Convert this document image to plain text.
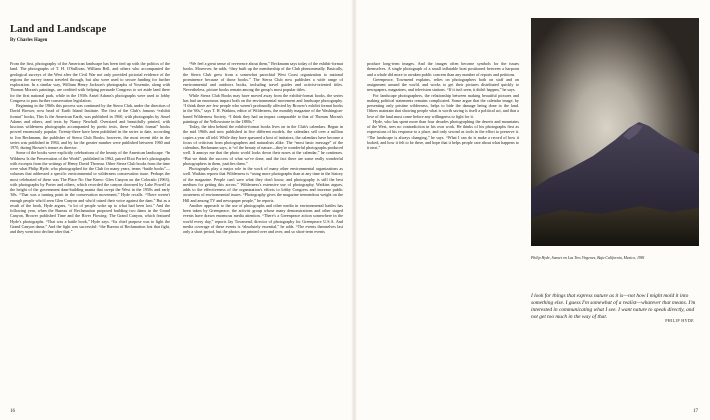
Land and Landscape

By Charles Hagen

From the first, photography of the American landscape has been tied up with the politics of the land. The photographs of T. H. O'Sullivan, William Bell, and others who accompanied the geological surveys of the West after the Civil War not only provided pictorial evidence of the regions the survey teams traveled through, but also were used to secure funding for further exploration. In a similar way, William Henry Jackson's photographs of Yosemite, along with Thomas Moran's paintings, are credited with helping persuade Congress to set aside land there for the first national park, while in the 1930s Ansel Adams's photographs were used to lobby Congress to pass further conservation legislation.

Beginning in the 1960s this process was continued by the Sierra Club, under the direction of David Brower, now head of Earth Island Institute. The first of the Club's famous “exhibit format” books, This Is the American Earth, was published in 1960, with photographs by Ansel Adams and others, and texts by Nancy Newhall. Oversized and beautifully printed, with luscious wilderness photographs accompanied by poetic texts, these “exhibit format” books proved enormously popular. Twenty-three have been published in the series to date, according to Jon Beckmann, the publisher of Sierra Club Books; however, the most recent title in the series was published in 1984, and by far the greater number were published between 1960 and 1970, during Brower's tenure as director.

Some of the books were explicitly celebrations of the beauty of the American landscape. “In Wildness Is the Preservation of the World”, published in 1962, paired Eliot Porter's photographs with excerpts from the writings of Henry David Thoreau. Other Sierra Club books from the time were what Philip Hyde, who photographed for the Club for many years, terms “battle books”—volumes that addressed a specific environmental or wilderness conservation issue. Perhaps the most celebrated of these was The Place No One Knew: Glen Canyon on the Colorado (1963), with photographs by Porter and others, which recorded the canyon drowned by Lake Powell at the height of the government dam-building mania that swept the West in the 1950s and early '60s. “That was a turning point in the conservation movement,” Hyde recalls. “There weren't enough people who'd seen Glen Canyon and who'd raised their voice against the dam.” But as a result of the book, Hyde argues, “a lot of people woke up to what had been lost.” And the following year, when the Bureau of Reclamation proposed building two dams in the Grand Canyon, Brower published Time and the River Flowing: The Grand Canyon, which featured Hyde's photographs. “That was a battle book,” Hyde says. “Its chief purpose was to fight the Grand Canyon dams.” And the fight was successful: “the Bureau of Reclamation lost that fight, and they went into decline after that.”

“We feel a great sense of reverence about them,” Beckmann says today of the exhibit-format books. Moreover, he adds, “they built up the membership of the Club phenomenally. Basically, the Sierra Club grew from a somewhat parochial West Coast organization to national prominence because of those books.” The Sierra Club now publishes a wide range of environmental and outdoors books, including travel guides and activist-oriented titles. Nevertheless, picture books remain among the group's most popular titles.

While Sierra Club Books may have moved away from the exhibit-format books, the series has had an enormous impact both on the environmental movement and landscape photography. “I think there are few people who weren't profoundly affected by Brower's exhibit format books in the '60s,” says T. H. Watkins, editor of Wilderness, the monthly magazine of the Washington-based Wilderness Society. “I think they had an impact comparable to that of Thomas Moran's paintings of the Yellowstone in the 1880s.”

Today, the idea behind the exhibit-format books lives on in the Club's calendars. Begun in the mid 1960s and now published in five different models, the calendars sell over a million copies a year all told. While they have spawned a host of imitators, the calendars have become a focus of criticism from photographers and naturalists alike. The “most basic message” of the calendars, Beckmann says, is “of the beauty of nature—they're wonderful photographs produced well. It annoys me that the photo world looks down their noses at the calendar,” he continues. “But we think the success of what we've done, and the fact there are some really wonderful photographers in them, justifies them.”

Photographs play a major role in the work of many other environmental organizations as well. Watkins reports that Wilderness is “using more photographs than at any time in the history of the magazine. People can't save what they don't know, and photography is still the best medium for getting this across.” Wilderness's extensive use of photography, Watkins argues, adds to the effectiveness of the organization's efforts to lobby Congress and increase public awareness of environmental issues. “Photography gives the magazine tremendous weight on the Hill and among TV and newspaper people,” he reports.

Another approach to the use of photographs and other media in environmental battles has been taken by Greenpeace, the activist group whose many demonstrations and other staged events have drawn enormous media attention. “There's a Greenpeace action somewhere in the world every day,” reports Jay Townsend, director of photography for Greenpeace U.S.A. And media coverage of these events is “absolutely essential,” he adds. “The events themselves last only a short period, but the photos are printed over and over, and so short-term events

16

produce long-term images. And the images often become symbols for the issues themselves. A single photograph of a small inflatable boat positioned between a harpoon and a whale did more to awaken public concern than any number of reports and petitions.

Greenpeace, Townsend explains, relies on photographers both on staff and on assignment around the world, and works to get their pictures distributed quickly to newspapers, magazines, and television stations. “If it isn't seen, it didn't happen,” he says.

For landscape photographers, the relationship between making beautiful pictures and making political statements remains complicated. Some argue that the calendar image, by presenting only pristine wilderness, helps to hide the damage being done to the land. Others maintain that showing people what is worth saving is itself a political act, and that a love of the land must come before any willingness to fight for it.

Hyde, who has spent more than four decades photographing the deserts and mountains of the West, sees no contradiction in his own work. He thinks of his photographs first as expressions of his response to a place, and only second as tools in the effort to preserve it. “The landscape is always changing,” he says. “What I can do is make a record of how it looked, and how it felt to be there, and hope that it helps people care about what happens to it next.”

Philip Hyde, Sunset on Las Tres Virgenes, Baja California, Mexico, 1981

I look for things that express nature as it is—not how I might mold it into something else. I guess I'm somewhat of a realist—whatever that means. I'm interested in communicating what I see. I want nature to speak directly, and not get too much in the way of that.

PHILIP HYDE
17
